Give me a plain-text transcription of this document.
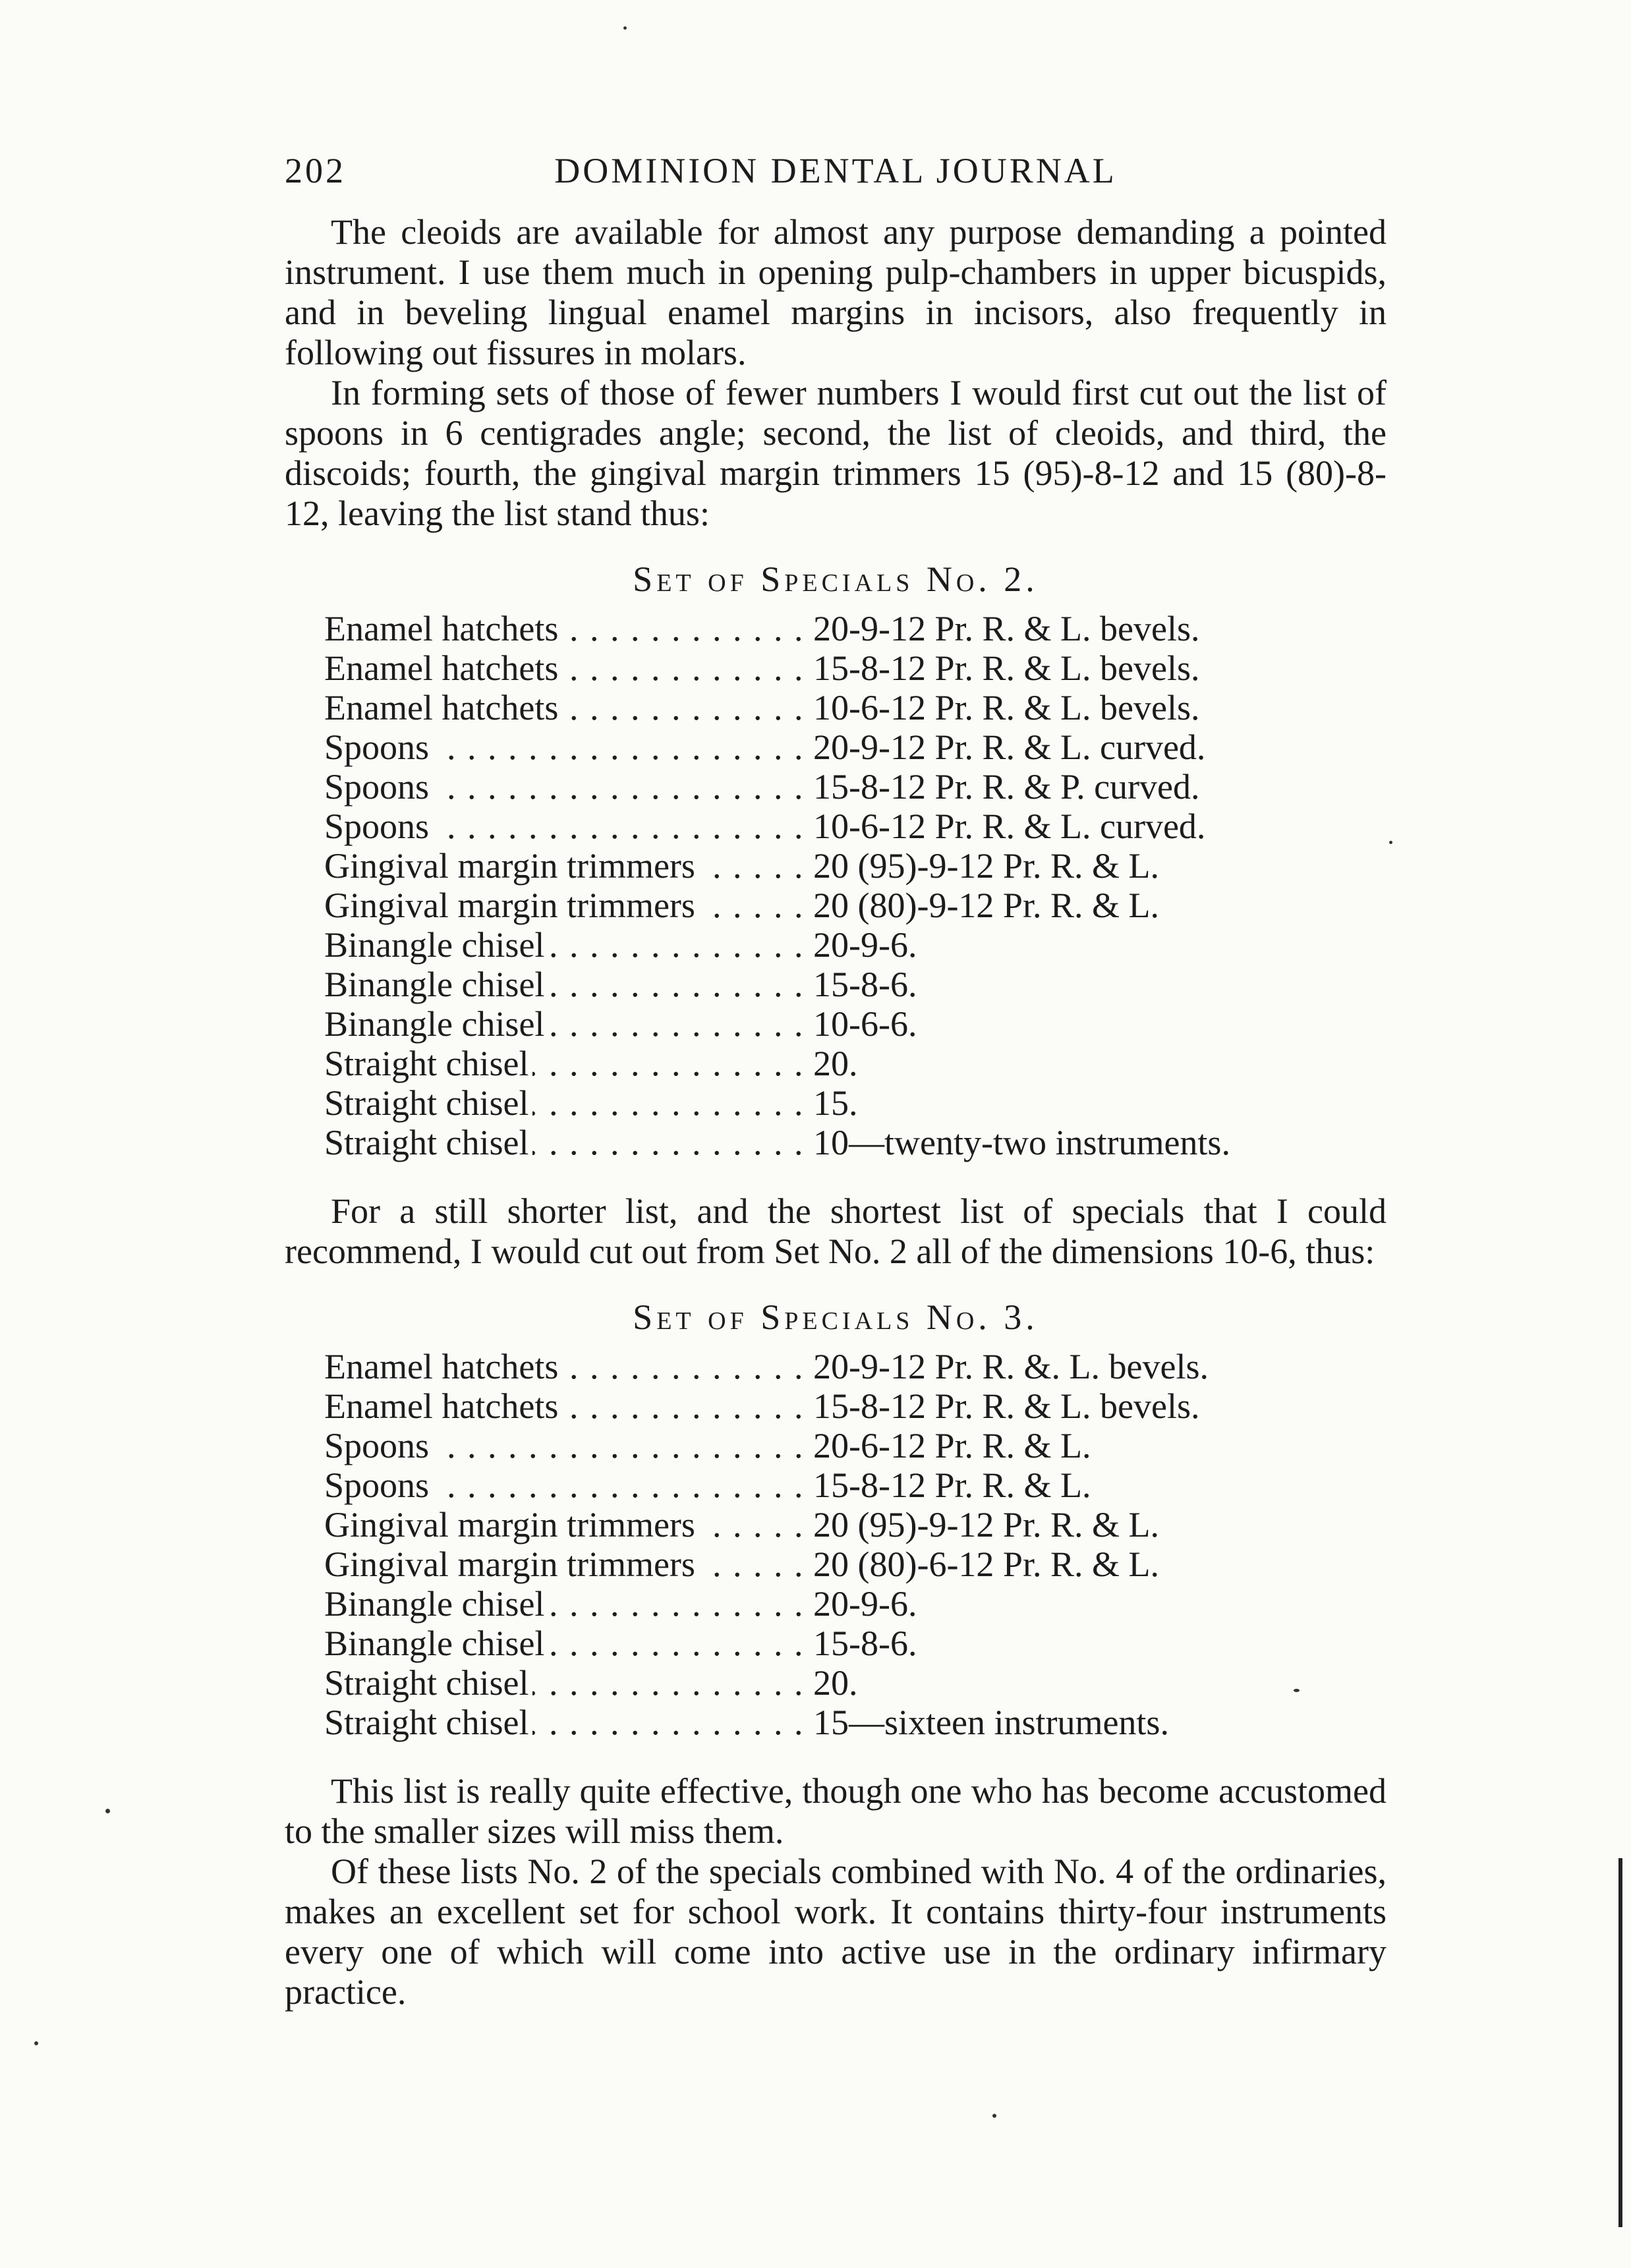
202	DOMINION DENTAL JOURNAL

The cleoids are available for almost any purpose demanding a pointed instrument. I use them much in opening pulp-chambers in upper bicuspids, and in beveling lingual enamel margins in incisors, also frequently in following out fissures in molars.

In forming sets of those of fewer numbers I would first cut out the list of spoons in 6 centigrades angle; second, the list of cleoids, and third, the discoids; fourth, the gingival margin trimmers 15 (95)-8-12 and 15 (80)-8-12, leaving the list stand thus:

Set of Specials No. 2.
Enamel hatchets . . .	20-9-12 Pr. R. & L. bevels.
Enamel hatchets . . .	15-8-12 Pr. R. & L. bevels.
Enamel hatchets . . .	10-6-12 Pr. R. & L. bevels.
Spoons . . .	20-9-12 Pr. R. & L. curved.
Spoons . . .	15-8-12 Pr. R. & P. curved.
Spoons . . .	10-6-12 Pr. R. & L. curved.
Gingival margin trimmers . . .	20 (95)-9-12 Pr. R. & L.
Gingival margin trimmers . . .	20 (80)-9-12 Pr. R. & L.
Binangle chisel . . .	20-9-6.
Binangle chisel . . .	15-8-6.
Binangle chisel . . .	10-6-6.
Straight chisel . . .	20.
Straight chisel . . .	15.
Straight chisel . . .	10—twenty-two instruments.

For a still shorter list, and the shortest list of specials that I could recommend, I would cut out from Set No. 2 all of the dimensions 10-6, thus:

Set of Specials No. 3.
Enamel hatchets . . .	20-9-12 Pr. R. &. L. bevels.
Enamel hatchets . . .	15-8-12 Pr. R. & L. bevels.
Spoons . . .	20-6-12 Pr. R. & L.
Spoons . . .	15-8-12 Pr. R. & L.
Gingival margin trimmers . . .	20 (95)-9-12 Pr. R. & L.
Gingival margin trimmers . . .	20 (80)-6-12 Pr. R. & L.
Binangle chisel . . .	20-9-6.
Binangle chisel . . .	15-8-6.
Straight chisel . . .	20.
Straight chisel . . .	15—sixteen instruments.

This list is really quite effective, though one who has become accustomed to the smaller sizes will miss them.

Of these lists No. 2 of the specials combined with No. 4 of the ordinaries, makes an excellent set for school work. It contains thirty-four instruments every one of which will come into active use in the ordinary infirmary practice.
